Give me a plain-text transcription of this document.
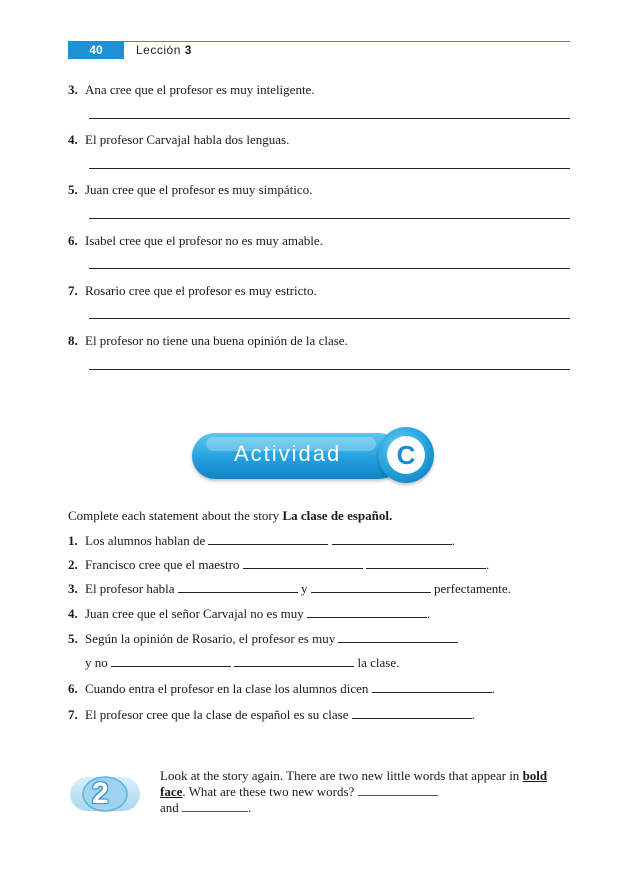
40	Lección 3
3. Ana cree que el profesor es muy inteligente.
4. El profesor Carvajal habla dos lenguas.
5. Juan cree que el profesor es muy simpático.
6. Isabel cree que el profesor no es muy amable.
7. Rosario cree que el profesor es muy estricto.
8. El profesor no tiene una buena opinión de la clase.
Actividad	C
Complete each statement about the story La clase de español.
1. Los alumnos hablan de	.
2. Francisco cree que el maestro	.
3. El profesor habla	y	perfectamente.
4. Juan cree que el señor Carvajal no es muy	.
5. Según la opinión de Rosario, el profesor es muy
y no	la clase.
6. Cuando entra el profesor en la clase los alumnos dicen	.
7. El profesor cree que la clase de español es su clase	.
2
Look at the story again. There are two new little words that appear in bold face. What are these two new words?
and	.
